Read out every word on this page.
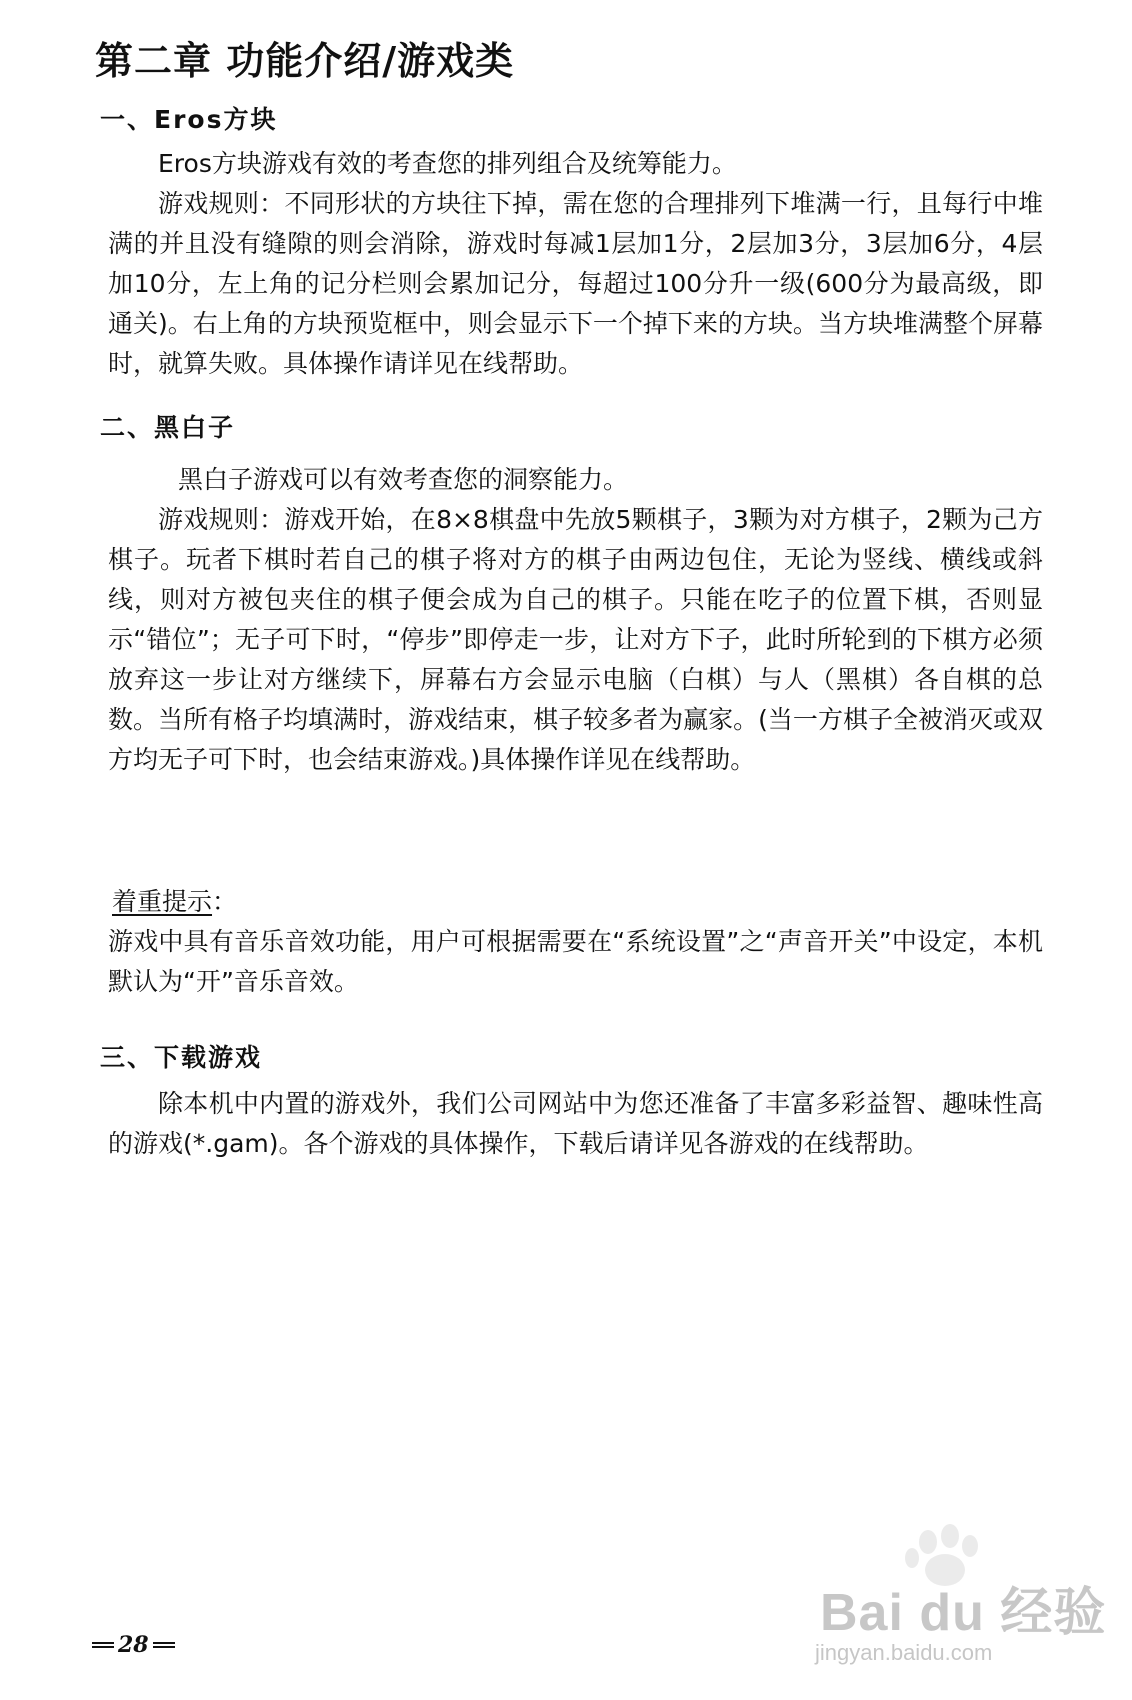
第二章 功能介绍/游戏类
一、Eros方块

Eros方块游戏有效的考查您的排列组合及统筹能力。

游戏规则：不同形状的方块往下掉，需在您的合理排列下堆满一行，且每行中堆满的并且没有缝隙的则会消除，游戏时每减1层加1分，2层加3分，3层加6分，4层加10分，左上角的记分栏则会累加记分，每超过100分升一级(600分为最高级，即通关)。右上角的方块预览框中，则会显示下一个掉下来的方块。当方块堆满整个屏幕时，就算失败。具体操作请详见在线帮助。

二、黑白子

黑白子游戏可以有效考查您的洞察能力。

游戏规则：游戏开始，在8×8棋盘中先放5颗棋子，3颗为对方棋子，2颗为己方棋子。玩者下棋时若自己的棋子将对方的棋子由两边包住，无论为竖线、横线或斜线，则对方被包夹住的棋子便会成为自己的棋子。只能在吃子的位置下棋，否则显示“错位”；无子可下时，“停步”即停走一步，让对方下子，此时所轮到的下棋方必须放弃这一步让对方继续下，屏幕右方会显示电脑（白棋）与人（黑棋）各自棋的总数。当所有格子均填满时，游戏结束，棋子较多者为赢家。(当一方棋子全被消灭或双方均无子可下时，也会结束游戏。)具体操作详见在线帮助。

着重提示：

游戏中具有音乐音效功能，用户可根据需要在“系统设置”之“声音开关”中设定，本机默认为“开”音乐音效。

三、下载游戏

除本机中内置的游戏外，我们公司网站中为您还准备了丰富多彩益智、趣味性高的游戏(*.gam)。各个游戏的具体操作，下载后请详见各游戏的在线帮助。

28
Bai du 经验
jingyan.baidu.com
